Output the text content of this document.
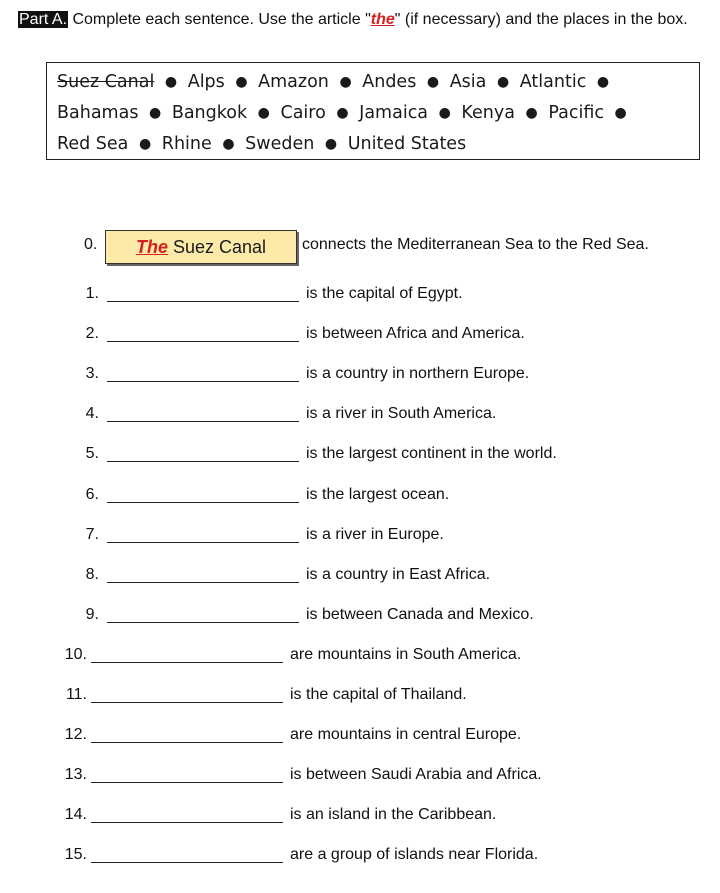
Part A. Complete each sentence. Use the article "the" (if necessary) and the places in the box.
Suez Canal ● Alps ● Amazon ● Andes ● Asia ● Atlantic ● Bahamas ● Bangkok ● Cairo ● Jamaica ● Kenya ● Pacific ● Red Sea ● Rhine ● Sweden ● United States
0.	The Suez Canal	connects the Mediterranean Sea to the Red Sea.
1.	is the capital of Egypt.
2.	is between Africa and America.
3.	is a country in northern Europe.
4.	is a river in South America.
5.	is the largest continent in the world.
6.	is the largest ocean.
7.	is a river in Europe.
8.	is a country in East Africa.
9.	is between Canada and Mexico.
10.	are mountains in South America.
11.	is the capital of Thailand.
12.	are mountains in central Europe.
13.	is between Saudi Arabia and Africa.
14.	is an island in the Caribbean.
15.	are a group of islands near Florida.
